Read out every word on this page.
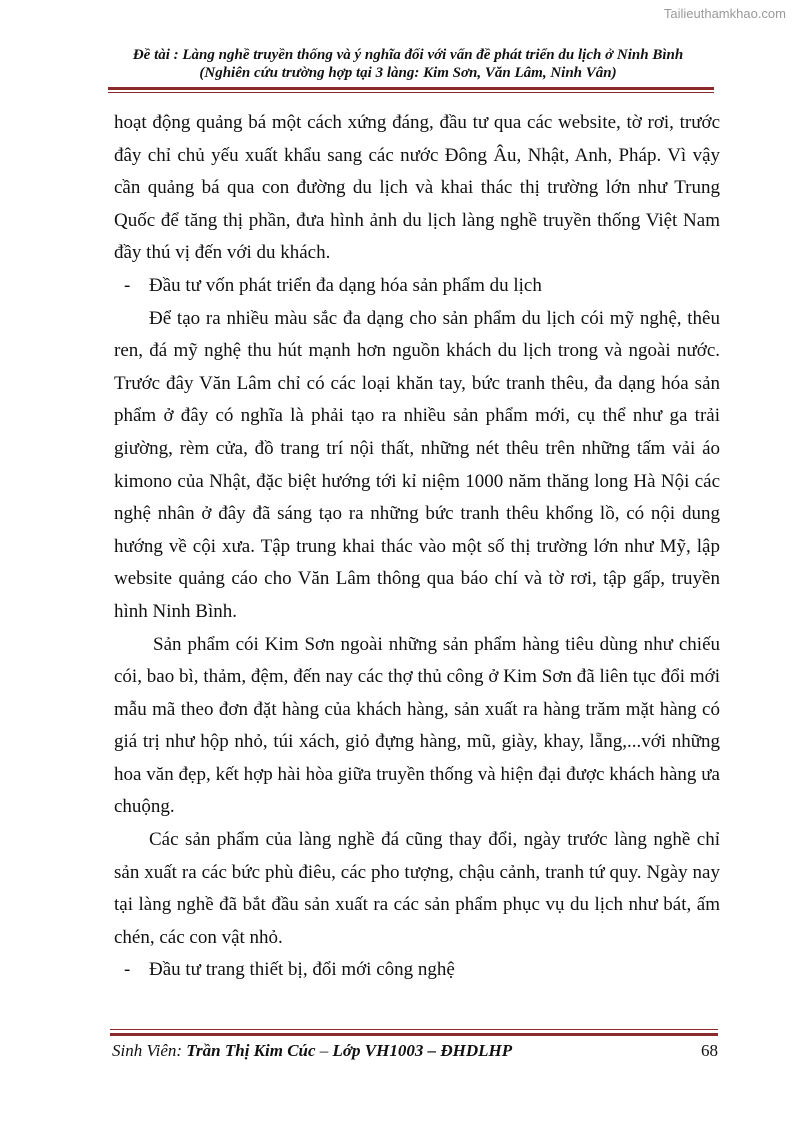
Tailieuthamkhao.com
Đề tài : Làng nghề truyền thống và ý nghĩa đối với vấn đề phát triển du lịch ở Ninh Bình
(Nghiên cứu trường hợp tại 3 làng: Kim Sơn, Văn Lâm, Ninh Vân)

hoạt động quảng bá một cách xứng đáng, đầu tư qua các website, tờ rơi, trước đây chỉ chủ yếu xuất khẩu sang các nước Đông Âu, Nhật, Anh, Pháp. Vì vậy cần quảng bá qua con đường du lịch và khai thác thị trường lớn như Trung Quốc để tăng thị phần, đưa hình ảnh du lịch làng nghề truyền thống Việt Nam đầy thú vị đến với du khách.

- Đầu tư vốn phát triển đa dạng hóa sản phẩm du lịch

Để tạo ra nhiều màu sắc đa dạng cho sản phẩm du lịch cói mỹ nghệ, thêu ren, đá mỹ nghệ thu hút mạnh hơn nguồn khách du lịch trong và ngoài nước. Trước đây Văn Lâm chỉ có các loại khăn tay, bức tranh thêu, đa dạng hóa sản phẩm ở đây có nghĩa là phải tạo ra nhiều sản phẩm mới, cụ thể như ga trải giường, rèm cửa, đồ trang trí nội thất, những nét thêu trên những tấm vải áo kimono của Nhật, đặc biệt hướng tới kỉ niệm 1000 năm thăng long Hà Nội các nghệ nhân ở đây đã sáng tạo ra những bức tranh thêu khổng lồ, có nội dung hướng về cội xưa. Tập trung khai thác vào một số thị trường lớn như Mỹ, lập website quảng cáo cho Văn Lâm thông qua báo chí và tờ rơi, tập gấp, truyền hình Ninh Bình.

Sản phẩm cói Kim Sơn ngoài những sản phẩm hàng tiêu dùng như chiếu cói, bao bì, thảm, đệm, đến nay các thợ thủ công ở Kim Sơn đã liên tục đổi mới mẫu mã theo đơn đặt hàng của khách hàng, sản xuất ra hàng trăm mặt hàng có giá trị như hộp nhỏ, túi xách, giỏ đựng hàng, mũ, giày, khay, lẵng,...với những hoa văn đẹp, kết hợp hài hòa giữa truyền thống và hiện đại được khách hàng ưa chuộng.

Các sản phẩm của làng nghề đá cũng thay đổi, ngày trước làng nghề chỉ sản xuất ra các bức phù điêu, các pho tượng, chậu cảnh, tranh tứ quy. Ngày nay tại làng nghề đã bắt đầu sản xuất ra các sản phẩm phục vụ du lịch như bát, ấm chén, các con vật nhỏ.

- Đầu tư trang thiết bị, đổi mới công nghệ
Sinh Viên: Trần Thị Kim Cúc – Lớp VH1003 – ĐHDLHP	68
